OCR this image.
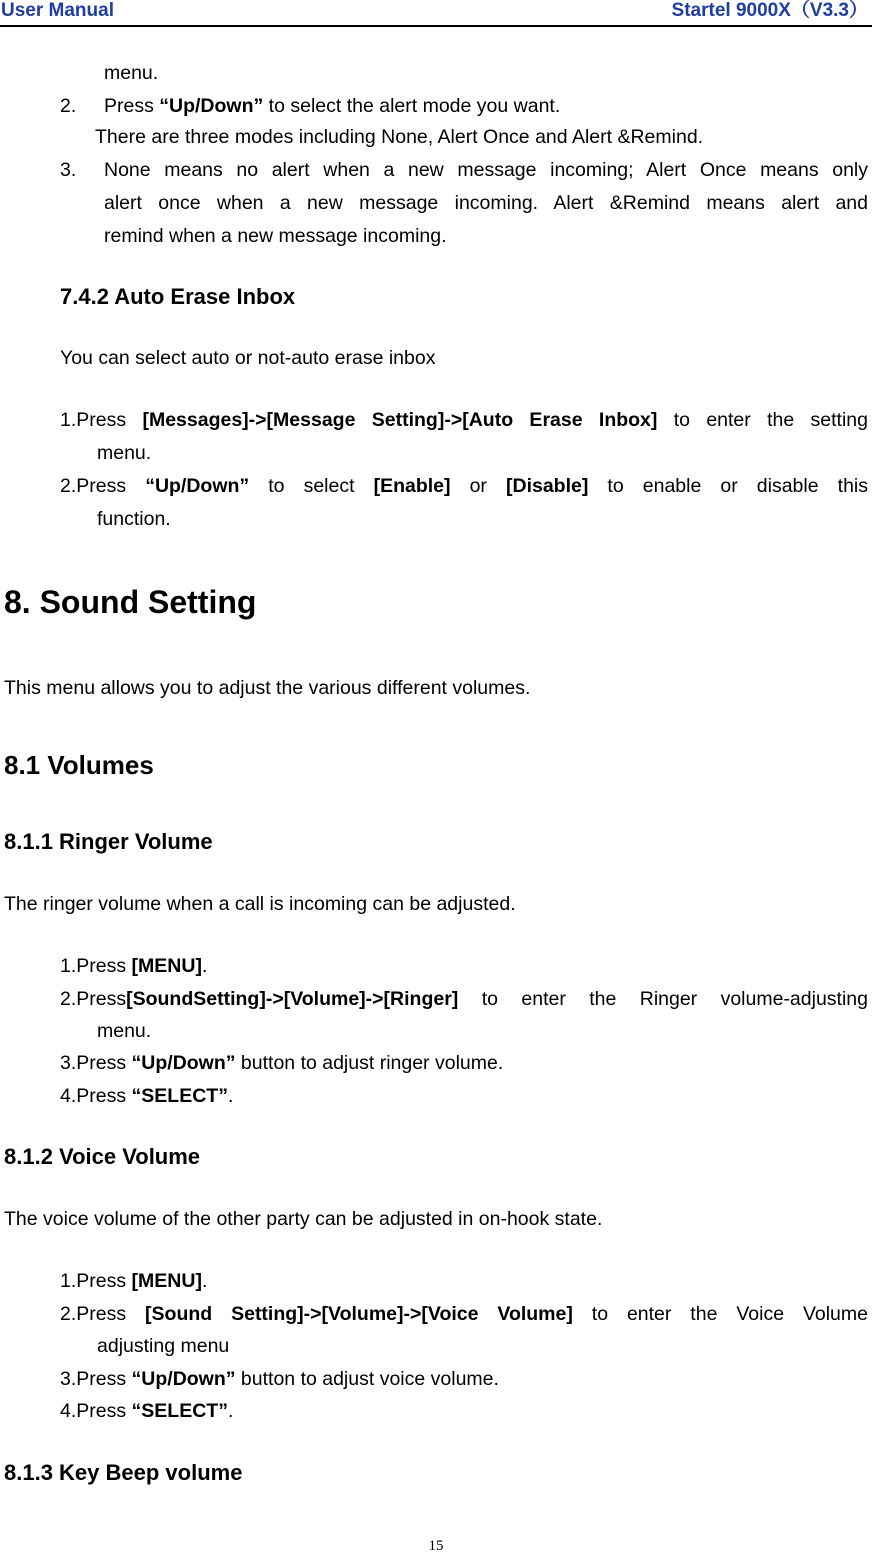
User Manual	Startel 9000X（V3.3）
menu.
2. Press “Up/Down” to select the alert mode you want.
There are three modes including None, Alert Once and Alert &Remind.
3. None means no alert when a new message incoming; Alert Once means only
alert once when a new message incoming. Alert &Remind means alert and
remind when a new message incoming.
7.4.2 Auto Erase Inbox
You can select auto or not-auto erase inbox
1.Press [Messages]->[Message Setting]->[Auto Erase Inbox] to enter the setting
menu.
2.Press “Up/Down” to select [Enable] or [Disable] to enable or disable this
function.
8. Sound Setting
This menu allows you to adjust the various different volumes.
8.1 Volumes
8.1.1 Ringer Volume
The ringer volume when a call is incoming can be adjusted.
1.Press [MENU].
2.Press[SoundSetting]->[Volume]->[Ringer] to enter the Ringer volume-adjusting
menu.
3.Press “Up/Down” button to adjust ringer volume.
4.Press “SELECT”.
8.1.2 Voice Volume
The voice volume of the other party can be adjusted in on-hook state.
1.Press [MENU].
2.Press [Sound Setting]->[Volume]->[Voice Volume] to enter the Voice Volume
adjusting menu
3.Press “Up/Down” button to adjust voice volume.
4.Press “SELECT”.
8.1.3 Key Beep volume
15
